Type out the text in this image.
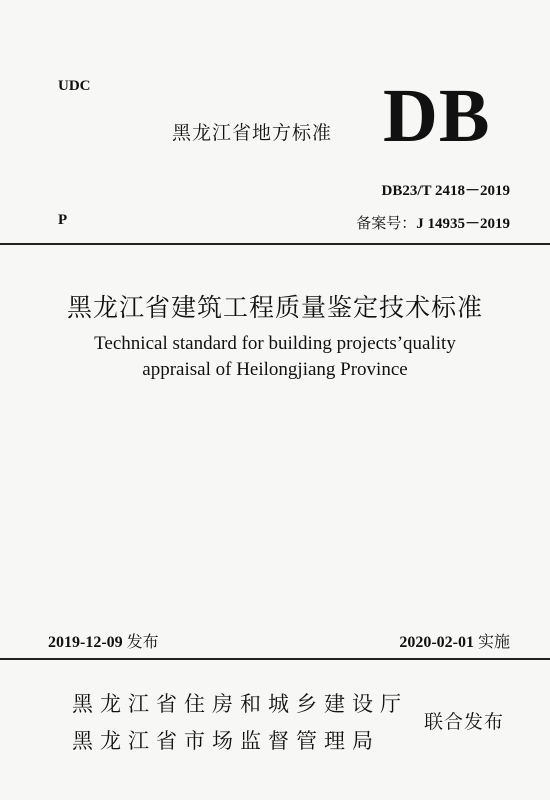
UDC
黑龙江省地方标准 DB
DB23/T 2418－2019
P	备案号：J 14935－2019
黑龙江省建筑工程质量鉴定技术标准
Technical standard for building projects’quality
appraisal of Heilongjiang Province
2019-12-09 发布	2020-02-01 实施
黑龙江省住房和城乡建设厅
黑龙江省市场监督管理局
联合发布
